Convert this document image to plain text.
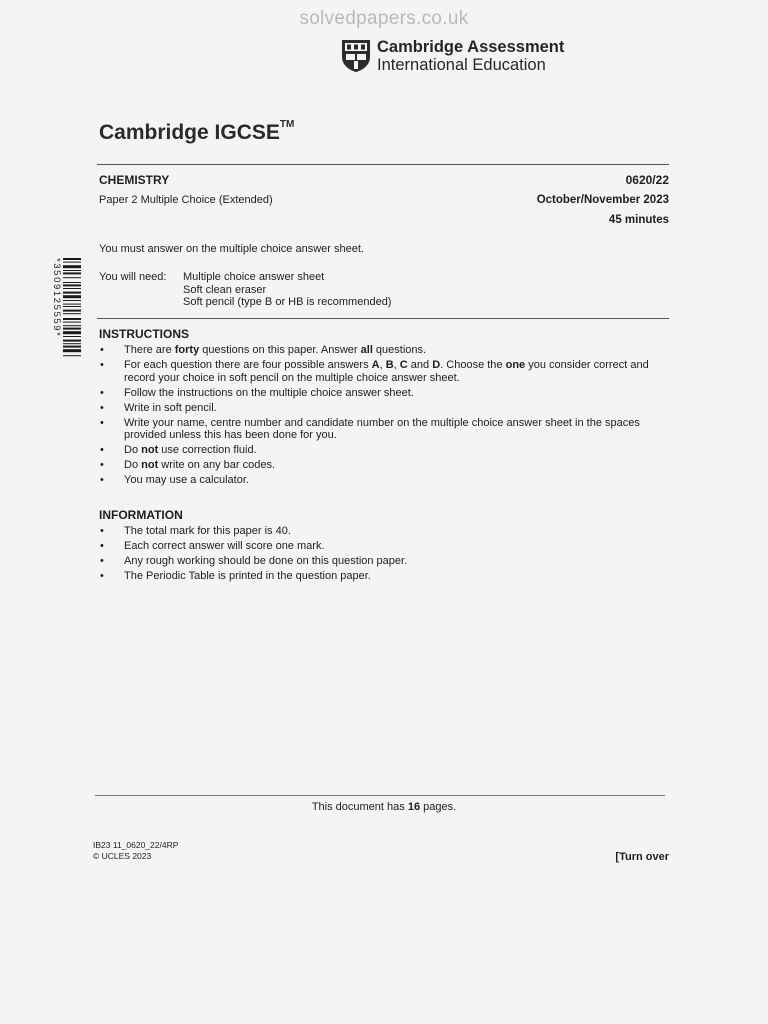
solvedpapers.co.uk
Cambridge Assessment
International Education
Cambridge IGCSE™
CHEMISTRY
Paper 2 Multiple Choice (Extended)
0620/22
October/November 2023
45 minutes
You must answer on the multiple choice answer sheet.
You will need: Multiple choice answer sheet
Soft clean eraser
Soft pencil (type B or HB is recommended)
*3509125559*	INSTRUCTIONS
• There are forty questions on this paper. Answer all questions.
• For each question there are four possible answers A, B, C and D. Choose the one you consider correct and record your choice in soft pencil on the multiple choice answer sheet.
• Follow the instructions on the multiple choice answer sheet.
• Write in soft pencil.
• Write your name, centre number and candidate number on the multiple choice answer sheet in the spaces provided unless this has been done for you.
• Do not use correction fluid.
• Do not write on any bar codes.
• You may use a calculator.
INFORMATION
• The total mark for this paper is 40.
• Each correct answer will score one mark.
• Any rough working should be done on this question paper.
• The Periodic Table is printed in the question paper.
This document has 16 pages.
IB23 11_0620_22/4RP
© UCLES 2023	[Turn over
